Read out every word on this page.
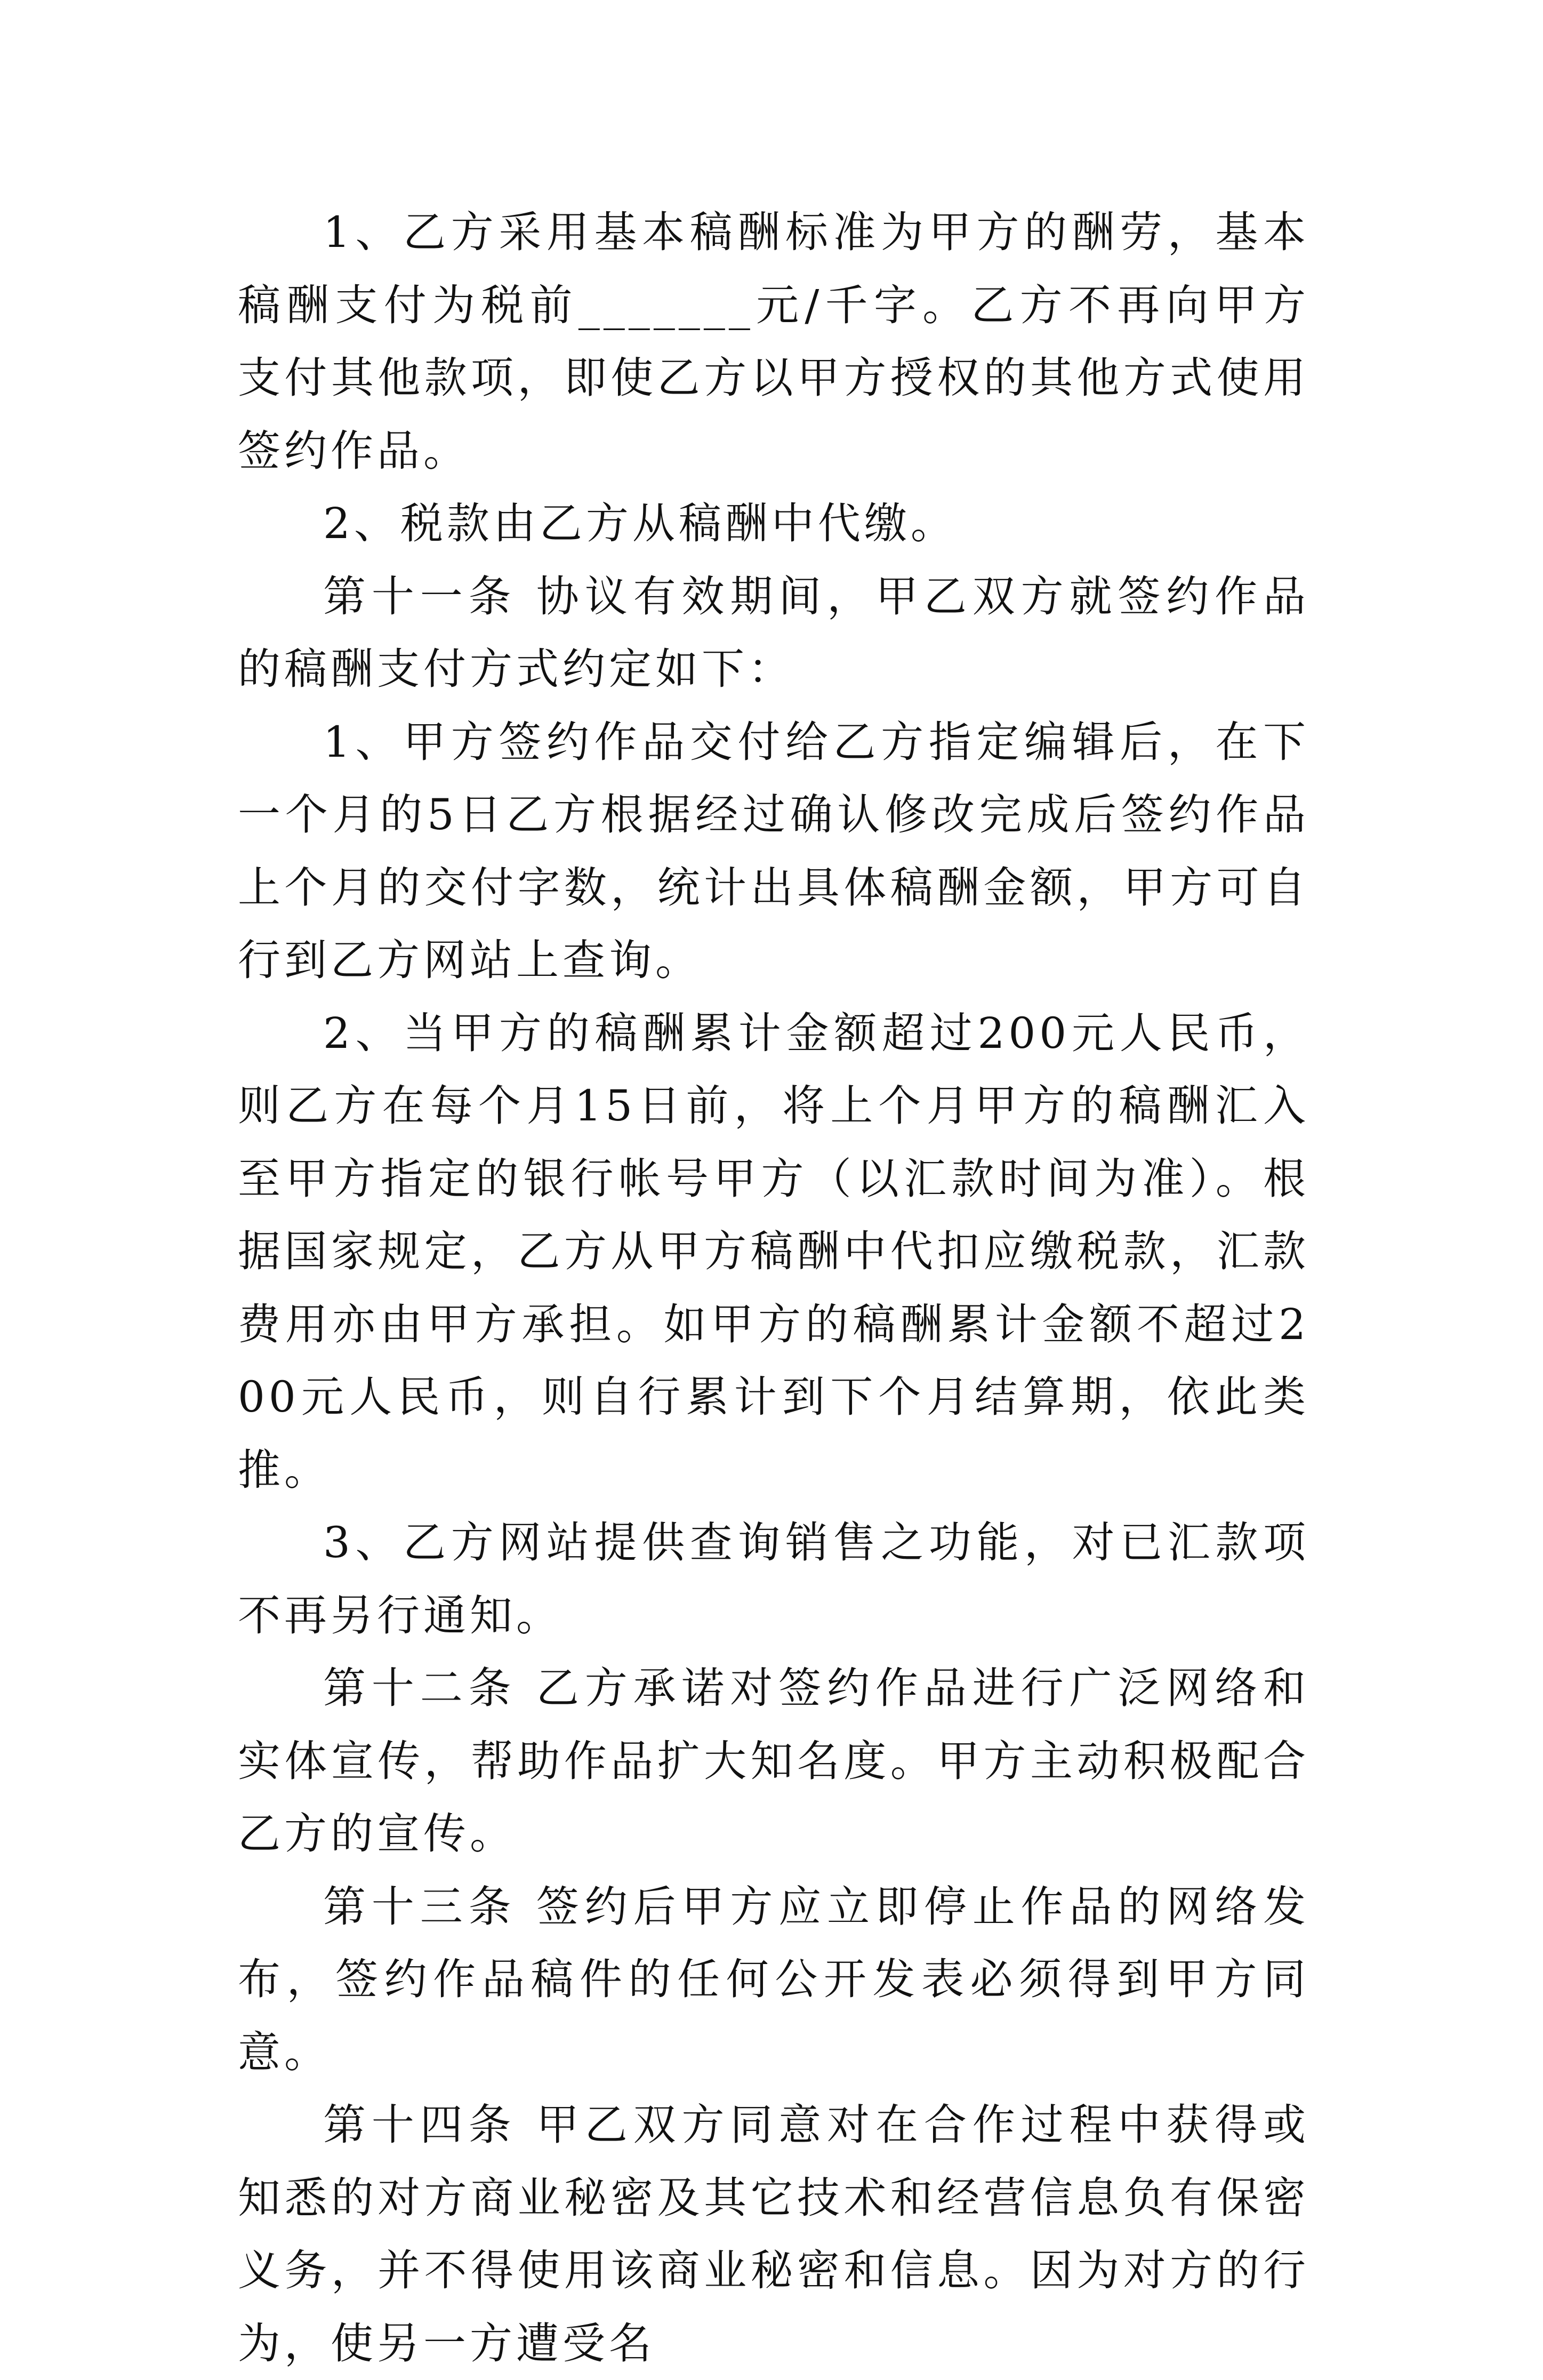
1、乙方采用基本稿酬标准为甲方的酬劳，基本稿酬支付为税前_______元/千字。乙方不再向甲方支付其他款项，即使乙方以甲方授权的其他方式使用签约作品。

2、税款由乙方从稿酬中代缴。

第十一条 协议有效期间，甲乙双方就签约作品的稿酬支付方式约定如下：

1、甲方签约作品交付给乙方指定编辑后，在下一个月的5日乙方根据经过确认修改完成后签约作品上个月的交付字数，统计出具体稿酬金额，甲方可自行到乙方网站上查询。

2、当甲方的稿酬累计金额超过200元人民币，则乙方在每个月15日前，将上个月甲方的稿酬汇入至甲方指定的银行帐号甲方（以汇款时间为准）。根据国家规定，乙方从甲方稿酬中代扣应缴税款，汇款费用亦由甲方承担。如甲方的稿酬累计金额不超过200元人民币，则自行累计到下个月结算期，依此类推。

3、乙方网站提供查询销售之功能，对已汇款项不再另行通知。

第十二条 乙方承诺对签约作品进行广泛网络和实体宣传，帮助作品扩大知名度。甲方主动积极配合乙方的宣传。

第十三条 签约后甲方应立即停止作品的网络发布，签约作品稿件的任何公开发表必须得到甲方同意。

第十四条 甲乙双方同意对在合作过程中获得或知悉的对方商业秘密及其它技术和经营信息负有保密义务，并不得使用该商业秘密和信息。因为对方的行为，使另一方遭受名
